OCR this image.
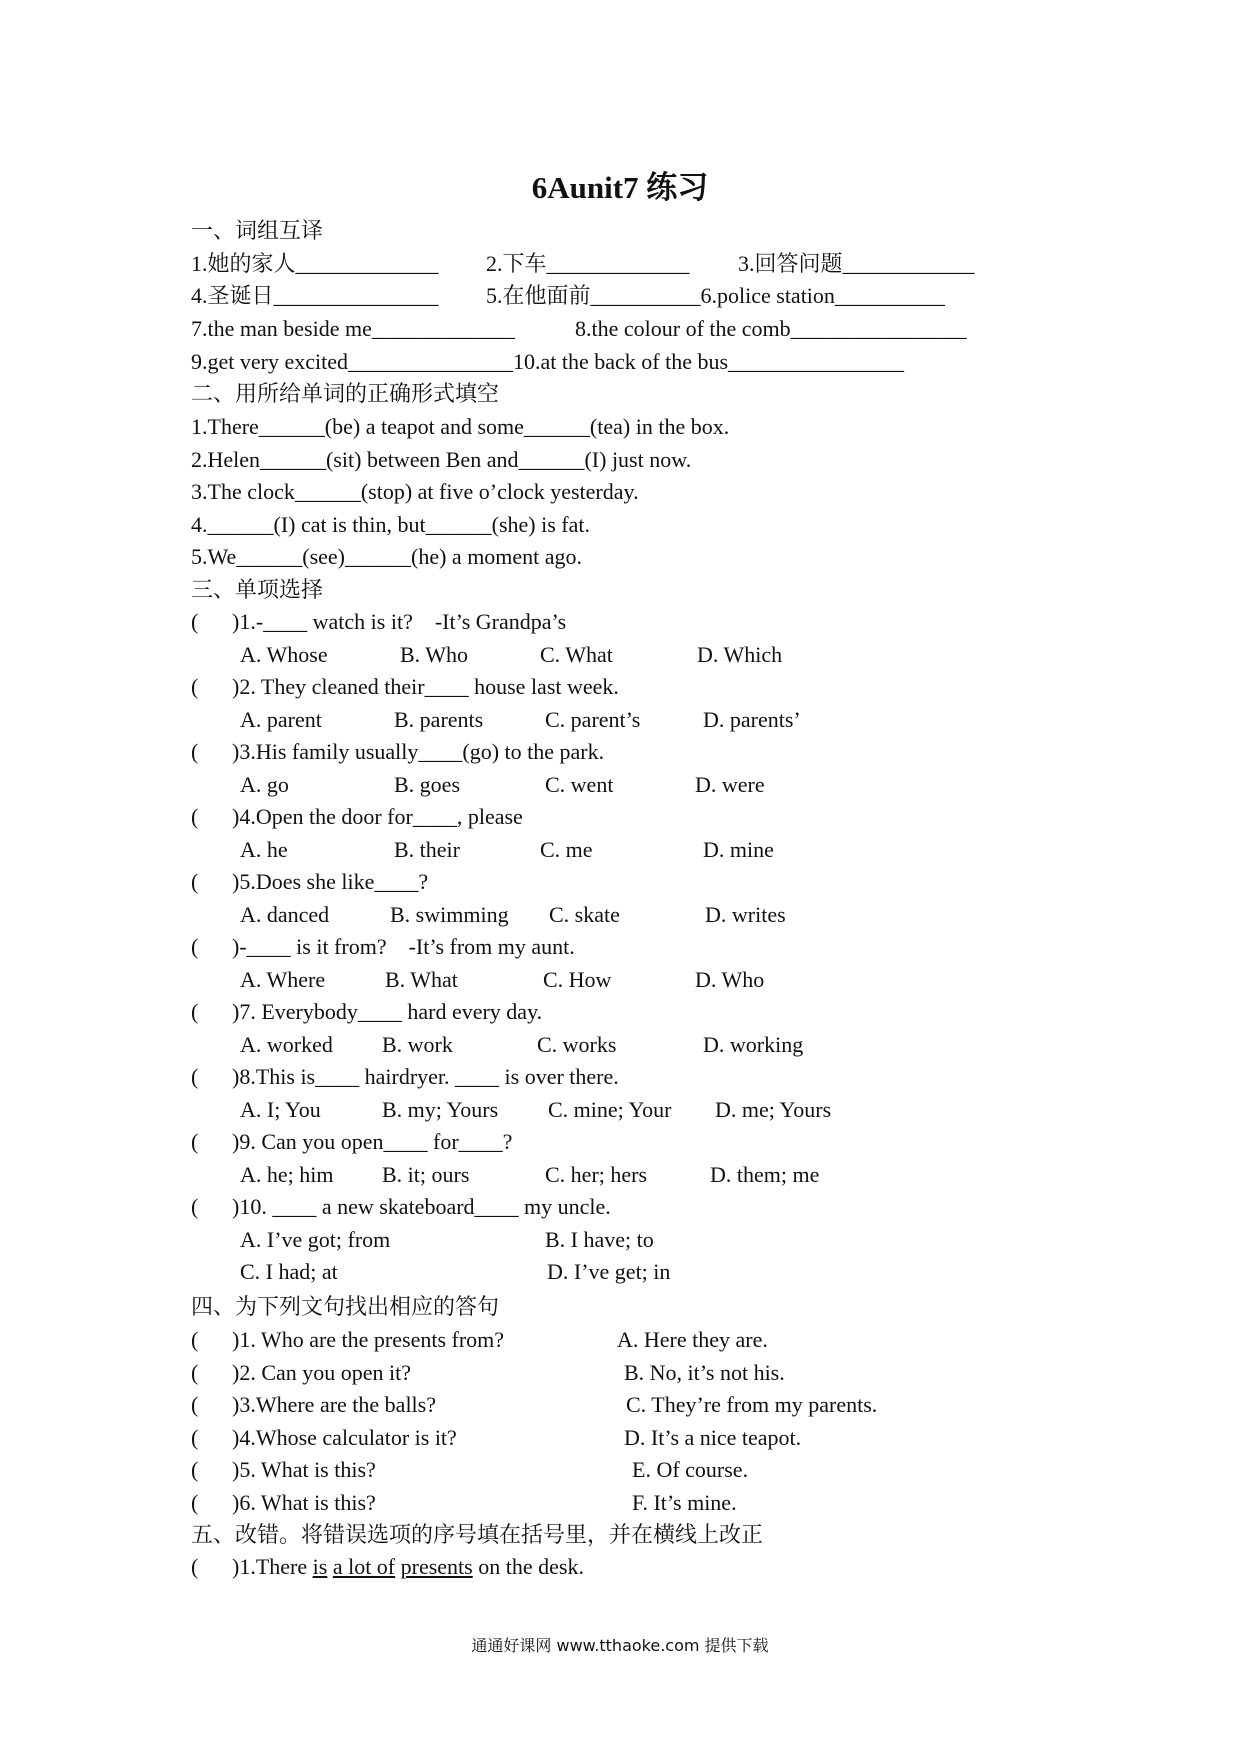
6Aunit7 练习
一、词组互译
1.她的家人_____________ 2.下车_____________ 3.回答问题____________
4.圣诞日_______________ 5.在他面前__________6.police station__________
7.the man beside me_____________	8.the colour of the comb________________
9.get very excited_______________10.at the back of the bus________________
二、用所给单词的正确形式填空
1.There______(be) a teapot and some______(tea) in the box.
2.Helen______(sit) between Ben and______(I) just now.
3.The clock______(stop) at five o’clock yesterday.
4.______(I) cat is thin, but______(she) is fat.
5.We______(see)______(he) a moment ago.
三、单项选择
( )1.-____ watch is it?    -It’s Grandpa’s
A. Whose	B. Who	C. What	D. Which
( )2. They cleaned their____ house last week.
A. parent	B. parents	C. parent’s	D. parents’
( )3.His family usually____(go) to the park.
A. go	B. goes	C. went	D. were
( )4.Open the door for____, please
A. he	B. their	C. me	D. mine
( )5.Does she like____?
A. danced	B. swimming C. skate	D. writes
( )-____ is it from?    -It’s from my aunt.
A. Where	B. What	C. How	D. Who
( )7. Everybody____ hard every day.
A. worked B. work	C. works	D. working
( )8.This is____ hairdryer. ____ is over there.
A. I; You	B. my; Yours C. mine; Your D. me; Yours
( )9. Can you open____ for____?
A. he; him B. it; ours	C. her; hers	D. them; me
( )10. ____ a new skateboard____ my uncle.
A. I’ve got; from	B. I have; to
C. I had; at	D. I’ve get; in
四、为下列文句找出相应的答句
( )1. Who are the presents from?	A. Here they are.
( )2. Can you open it?	B. No, it’s not his.
( )3.Where are the balls?	C. They’re from my parents.
( )4.Whose calculator is it?	D. It’s a nice teapot.
( )5. What is this?	E. Of course.
( )6. What is this?	F. It’s mine.
五、改错。将错误选项的序号填在括号里，并在横线上改正
( )1.There is a lot of presents on the desk.
通通好课网 www.tthaoke.com 提供下载
